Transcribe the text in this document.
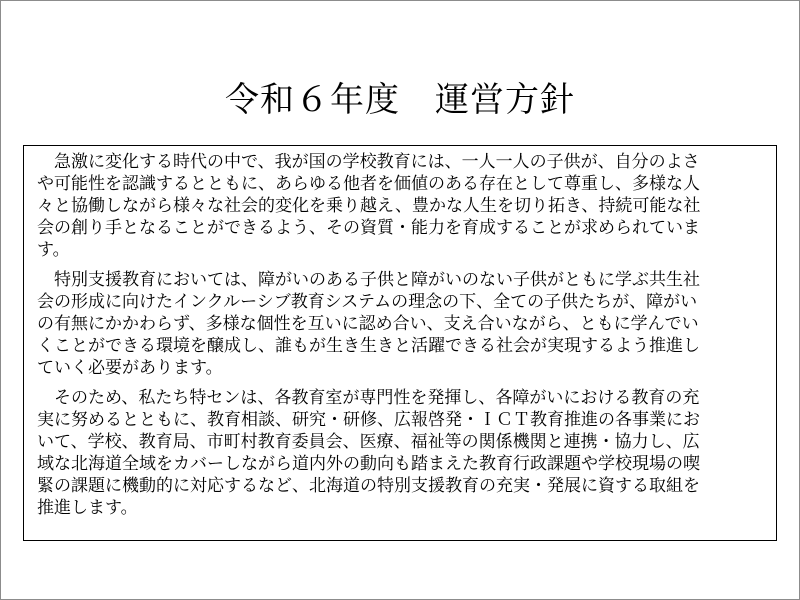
令和６年度　運営方針
　急激に変化する時代の中で、我が国の学校教育には、一人一人の子供が、自分のよさ
や可能性を認識するとともに、あらゆる他者を価値のある存在として尊重し、多様な人
々と協働しながら様々な社会的変化を乗り越え、豊かな人生を切り拓き、持続可能な社
会の創り手となることができるよう、その資質・能力を育成することが求められていま
す。
　特別支援教育においては、障がいのある子供と障がいのない子供がともに学ぶ共生社
会の形成に向けたインクルーシブ教育システムの理念の下、全ての子供たちが、障がい
の有無にかかわらず、多様な個性を互いに認め合い、支え合いながら、ともに学んでい
くことができる環境を醸成し、誰もが生き生きと活躍できる社会が実現するよう推進し
ていく必要があります。
　そのため、私たち特センは、各教育室が専門性を発揮し、各障がいにおける教育の充
実に努めるとともに、教育相談、研究・研修、広報啓発・ＩＣＴ教育推進の各事業にお
いて、学校、教育局、市町村教育委員会、医療、福祉等の関係機関と連携・協力し、広
域な北海道全域をカバーしながら道内外の動向も踏まえた教育行政課題や学校現場の喫
緊の課題に機動的に対応するなど、北海道の特別支援教育の充実・発展に資する取組を
推進します。
